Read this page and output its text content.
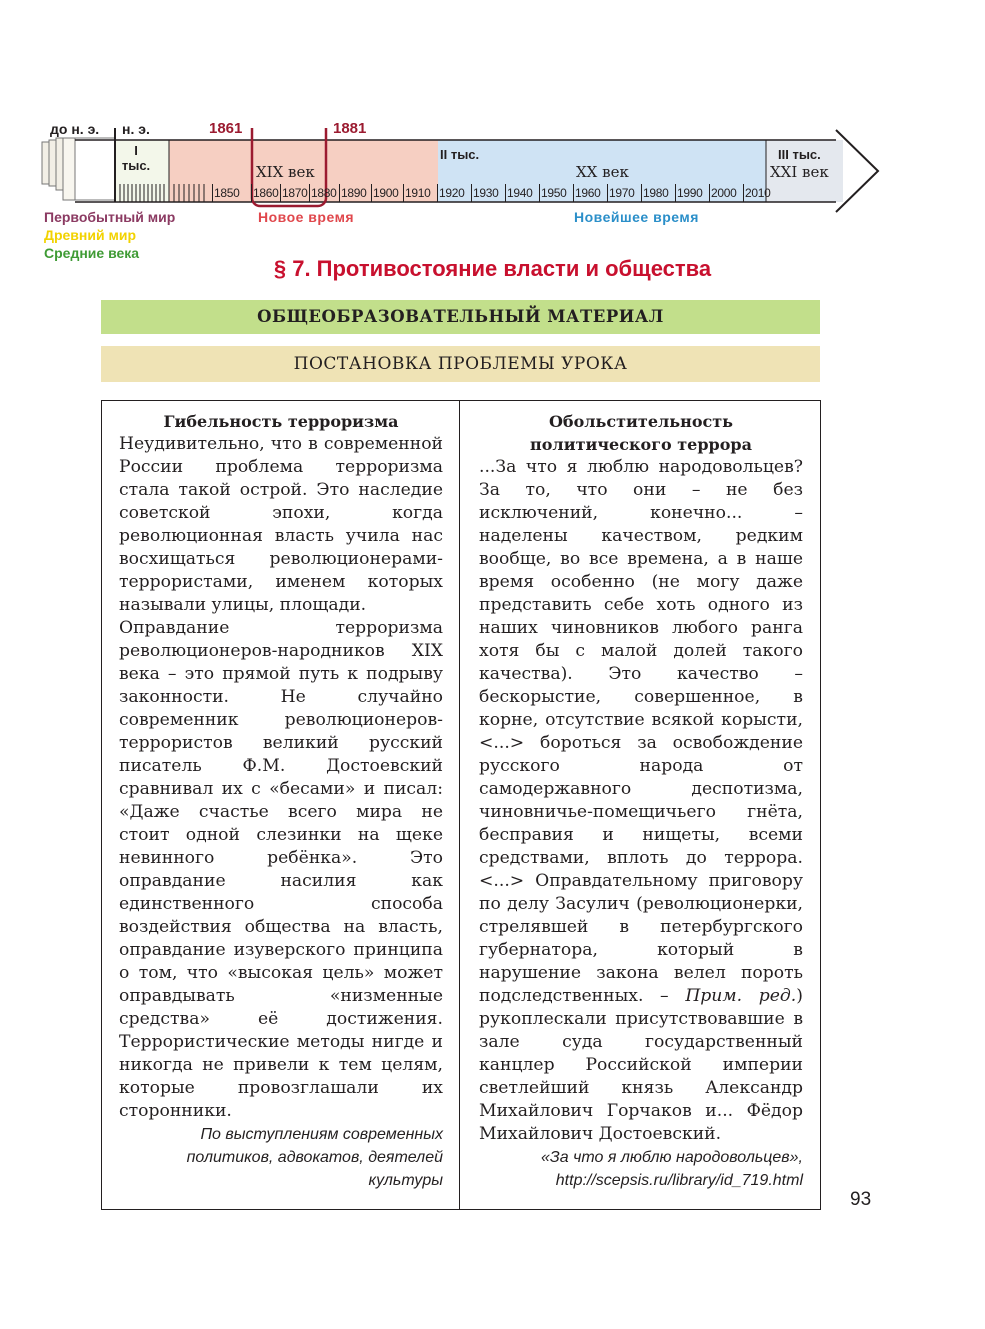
до н. э. н. э.	1861	1881
I тыс.
II тыс.	III тыс.
XIX век	XX век	XXI век
1850	1860 1870 1880 1890 1900 1910 1920 1930 1940 1950 1960 1970 1980 1990 2000 2010
Первобытный мир
Древний мир
Средние века
Новое время	Новейшее время
§ 7. Противостояние власти и общества
ОБЩЕОБРАЗОВАТЕЛЬНЫЙ МАТЕРИАЛ
ПОСТАНОВКА ПРОБЛЕМЫ УРОКА
Гибельность терроризма

Неудивительно, что в современной России проблема терроризма стала такой острой. Это наследие советской эпохи, когда революционная власть учила нас восхищаться революционерами-террористами, именем которых называли улицы, площади.

Оправдание терроризма революционеров-народников XIX века – это прямой путь к подрыву законности. Не случайно современник революционеров-террористов великий русский писатель Ф.М. Достоевский сравнивал их с «бесами» и писал: «Даже счастье всего мира не стоит одной слезинки на щеке невинного ребёнка». Это оправдание насилия как единственного способа воздействия общества на власть, оправдание изуверского принципа о том, что «высокая цель» может оправдывать «низменные средства» её достижения. Террористические методы нигде и никогда не привели к тем целям, которые провозглашали их сторонники.

По выступлениям современных политиков, адвокатов, деятелей культуры
Обольстительность политического террора

...За что я люблю народовольцев? За то, что они – не без исключений, конечно... – наделены качеством, редким вообще, во все времена, а в наше время особенно (не могу даже представить себе хоть одного из наших чиновников любого ранга хотя бы с малой долей такого качества). Это качество – бескорыстие, совершенное, в корне, отсутствие всякой корысти, <...> бороться за освобождение русского народа от самодержавного деспотизма, чиновничье-помещичьего гнёта, бесправия и нищеты, всеми средствами, вплоть до террора. <...> Оправдательному приговору по делу Засулич (революционерки, стрелявшей в петербургского губернатора, который в нарушение закона велел пороть подследственных. – Прим. ред.) рукоплескали присутствовавшие в зале суда государственный канцлер Российской империи светлейший князь Александр Михайлович Горчаков и... Фёдор Михайлович Достоевский.

«За что я люблю народовольцев»,
http://scepsis.ru/library/id_719.html
93
